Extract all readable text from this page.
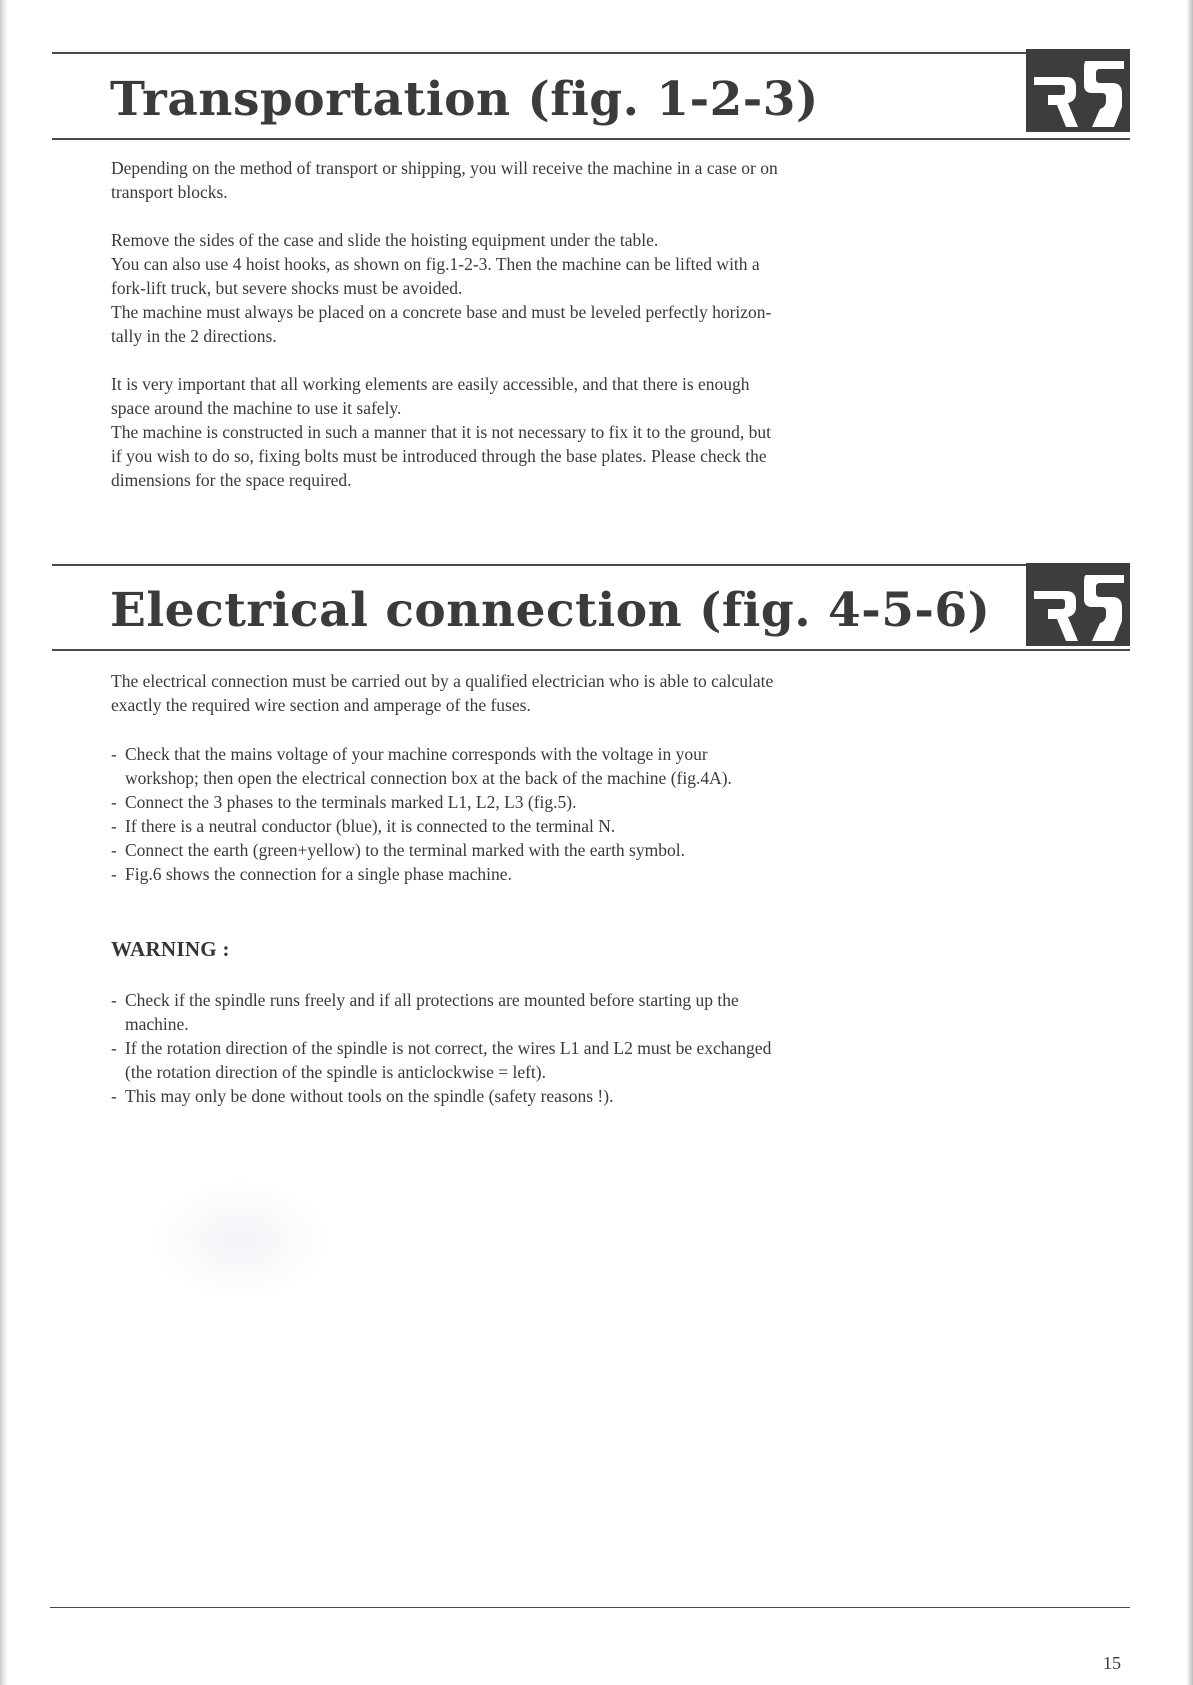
Transportation (fig. 1-2-3)
Depending on the method of transport or shipping, you will receive the machine in a case or on
transport blocks.
Remove the sides of the case and slide the hoisting equipment under the table.
You can also use 4 hoist hooks, as shown on fig.1-2-3. Then the machine can be lifted with a
fork-lift truck, but severe shocks must be avoided.
The machine must always be placed on a concrete base and must be leveled perfectly horizon-
tally in the 2 directions.
It is very important that all working elements are easily accessible, and that there is enough
space around the machine to use it safely.
The machine is constructed in such a manner that it is not necessary to fix it to the ground, but
if you wish to do so, fixing bolts must be introduced through the base plates. Please check the
dimensions for the space required.
Electrical connection (fig. 4-5-6)
The electrical connection must be carried out by a qualified electrician who is able to calculate
exactly the required wire section and amperage of the fuses.
- Check that the mains voltage of your machine corresponds with the voltage in your
workshop; then open the electrical connection box at the back of the machine (fig.4A).
- Connect the 3 phases to the terminals marked L1, L2, L3 (fig.5).
- If there is a neutral conductor (blue), it is connected to the terminal N.
- Connect the earth (green+yellow) to the terminal marked with the earth symbol.
- Fig.6 shows the connection for a single phase machine.
WARNING :
- Check if the spindle runs freely and if all protections are mounted before starting up the
machine.
- If the rotation direction of the spindle is not correct, the wires L1 and L2 must be exchanged
(the rotation direction of the spindle is anticlockwise = left).
- This may only be done without tools on the spindle (safety reasons !).
15
